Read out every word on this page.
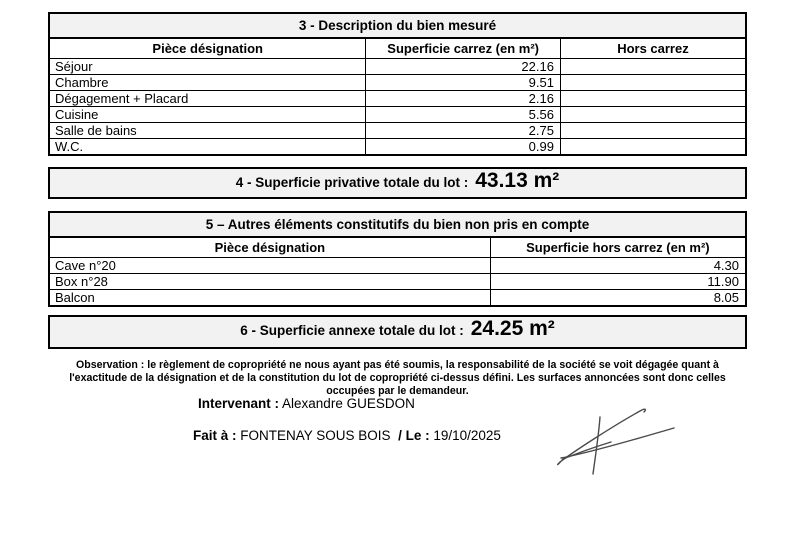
3 - Description du bien mesuré		
Pièce désignation	Superficie carrez (en m²)	Hors carrez
Séjour	22.16	
Chambre	9.51	
Dégagement + Placard	2.16	
Cuisine	5.56	
Salle de bains	2.75	
W.C.	0.99	
4 - Superficie privative totale du lot : 43.13 m²
5 – Autres éléments constitutifs du bien non pris en compte	
Pièce désignation	Superficie hors carrez (en m²)
Cave n°20	4.30
Box n°28	11.90
Balcon	8.05
6 - Superficie annexe totale du lot : 24.25 m²
Observation : le règlement de copropriété ne nous ayant pas été soumis, la responsabilité de la société se voit dégagée quant à l'exactitude de la désignation et de la constitution du lot de copropriété ci-dessus défini. Les surfaces annoncées sont donc celles occupées par le demandeur.
Intervenant : Alexandre GUESDON
Fait à : FONTENAY SOUS BOIS / Le : 19/10/2025
